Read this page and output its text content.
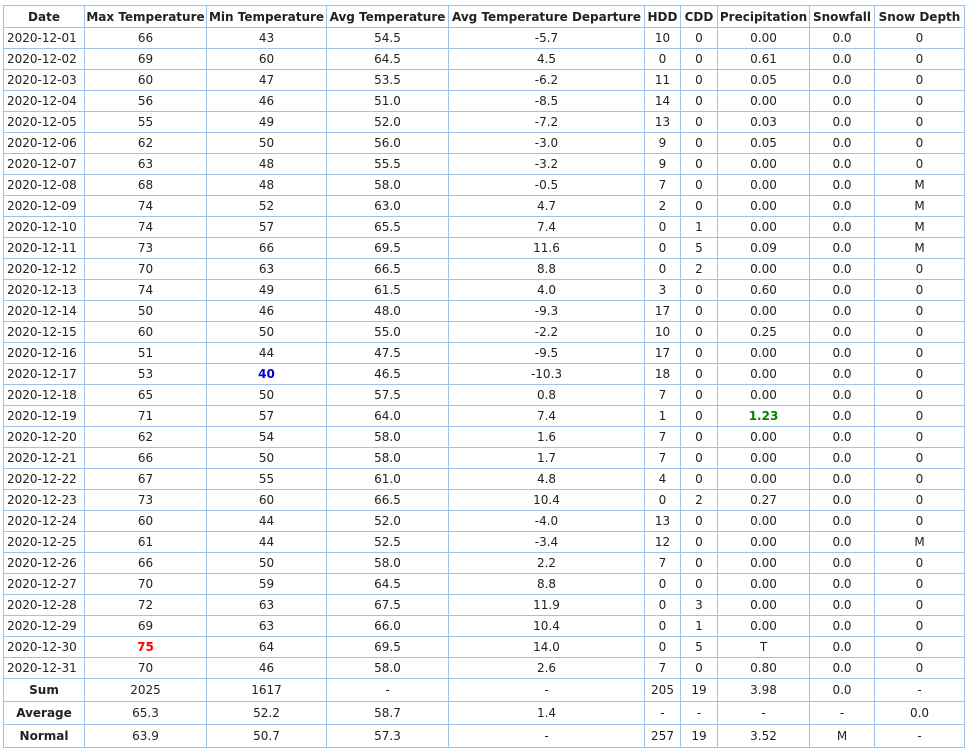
Date	Max Temperature	Min Temperature	Avg Temperature	Avg Temperature Departure	HDD	CDD	Precipitation	Snowfall	Snow Depth
2020-12-01	66	43	54.5	-5.7	10	0	0.00	0.0	0
2020-12-02	69	60	64.5	4.5	0	0	0.61	0.0	0
2020-12-03	60	47	53.5	-6.2	11	0	0.05	0.0	0
2020-12-04	56	46	51.0	-8.5	14	0	0.00	0.0	0
2020-12-05	55	49	52.0	-7.2	13	0	0.03	0.0	0
2020-12-06	62	50	56.0	-3.0	9	0	0.05	0.0	0
2020-12-07	63	48	55.5	-3.2	9	0	0.00	0.0	0
2020-12-08	68	48	58.0	-0.5	7	0	0.00	0.0	M
2020-12-09	74	52	63.0	4.7	2	0	0.00	0.0	M
2020-12-10	74	57	65.5	7.4	0	1	0.00	0.0	M
2020-12-11	73	66	69.5	11.6	0	5	0.09	0.0	M
2020-12-12	70	63	66.5	8.8	0	2	0.00	0.0	0
2020-12-13	74	49	61.5	4.0	3	0	0.60	0.0	0
2020-12-14	50	46	48.0	-9.3	17	0	0.00	0.0	0
2020-12-15	60	50	55.0	-2.2	10	0	0.25	0.0	0
2020-12-16	51	44	47.5	-9.5	17	0	0.00	0.0	0
2020-12-17	53	40	46.5	-10.3	18	0	0.00	0.0	0
2020-12-18	65	50	57.5	0.8	7	0	0.00	0.0	0
2020-12-19	71	57	64.0	7.4	1	0	1.23	0.0	0
2020-12-20	62	54	58.0	1.6	7	0	0.00	0.0	0
2020-12-21	66	50	58.0	1.7	7	0	0.00	0.0	0
2020-12-22	67	55	61.0	4.8	4	0	0.00	0.0	0
2020-12-23	73	60	66.5	10.4	0	2	0.27	0.0	0
2020-12-24	60	44	52.0	-4.0	13	0	0.00	0.0	0
2020-12-25	61	44	52.5	-3.4	12	0	0.00	0.0	M
2020-12-26	66	50	58.0	2.2	7	0	0.00	0.0	0
2020-12-27	70	59	64.5	8.8	0	0	0.00	0.0	0
2020-12-28	72	63	67.5	11.9	0	3	0.00	0.0	0
2020-12-29	69	63	66.0	10.4	0	1	0.00	0.0	0
2020-12-30	75	64	69.5	14.0	0	5	T	0.0	0
2020-12-31	70	46	58.0	2.6	7	0	0.80	0.0	0
Sum	2025	1617	-	-	205	19	3.98	0.0	-
Average	65.3	52.2	58.7	1.4	-	-	-	-	0.0
Normal	63.9	50.7	57.3	-	257	19	3.52	M	-
